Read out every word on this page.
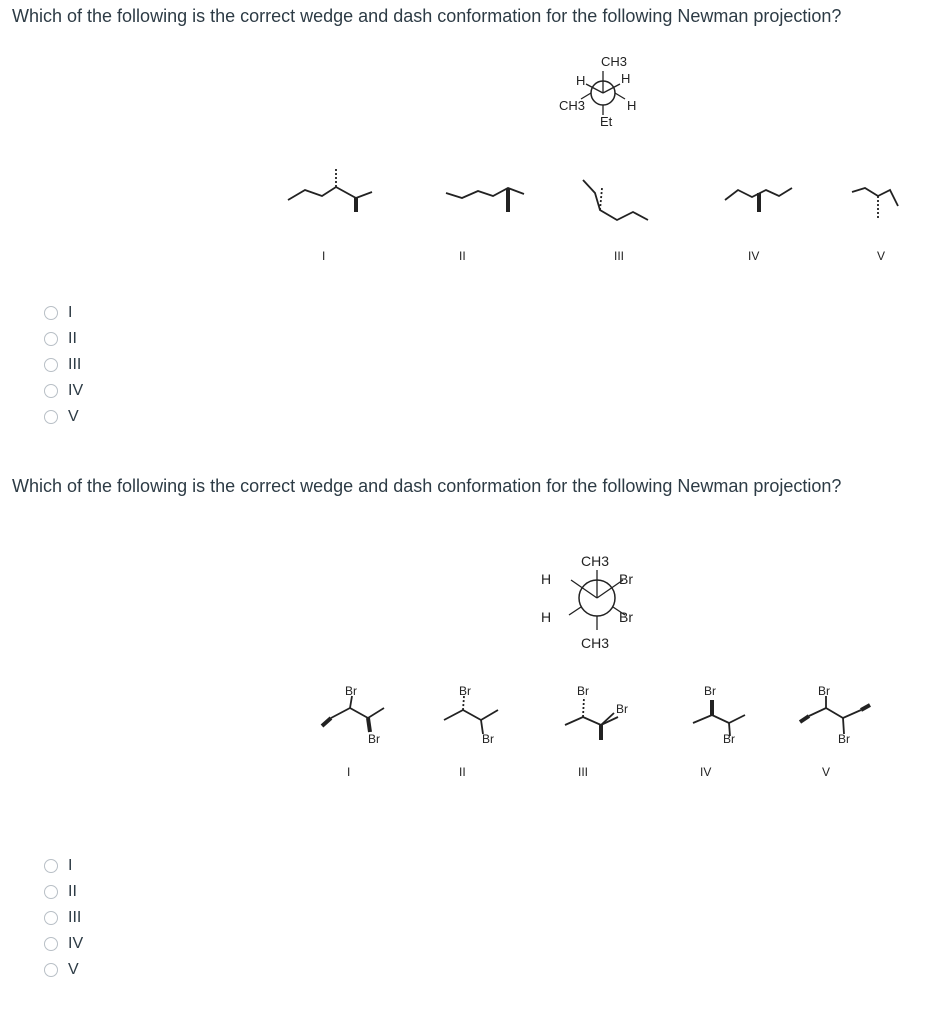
Which of the following is the correct wedge and dash conformation for the following Newman projection?
CH3
H	H
CH3	H
Et
I	II	III	IV	V
I
II
III
IV
V
Which of the following is the correct wedge and dash conformation for the following Newman projection?
CH3
H	Br
H	Br
CH3
Br
Br
I
Br
Br
II
Br
Br
III
Br
Br
IV
Br
Br
V
I
II
III
IV
V
